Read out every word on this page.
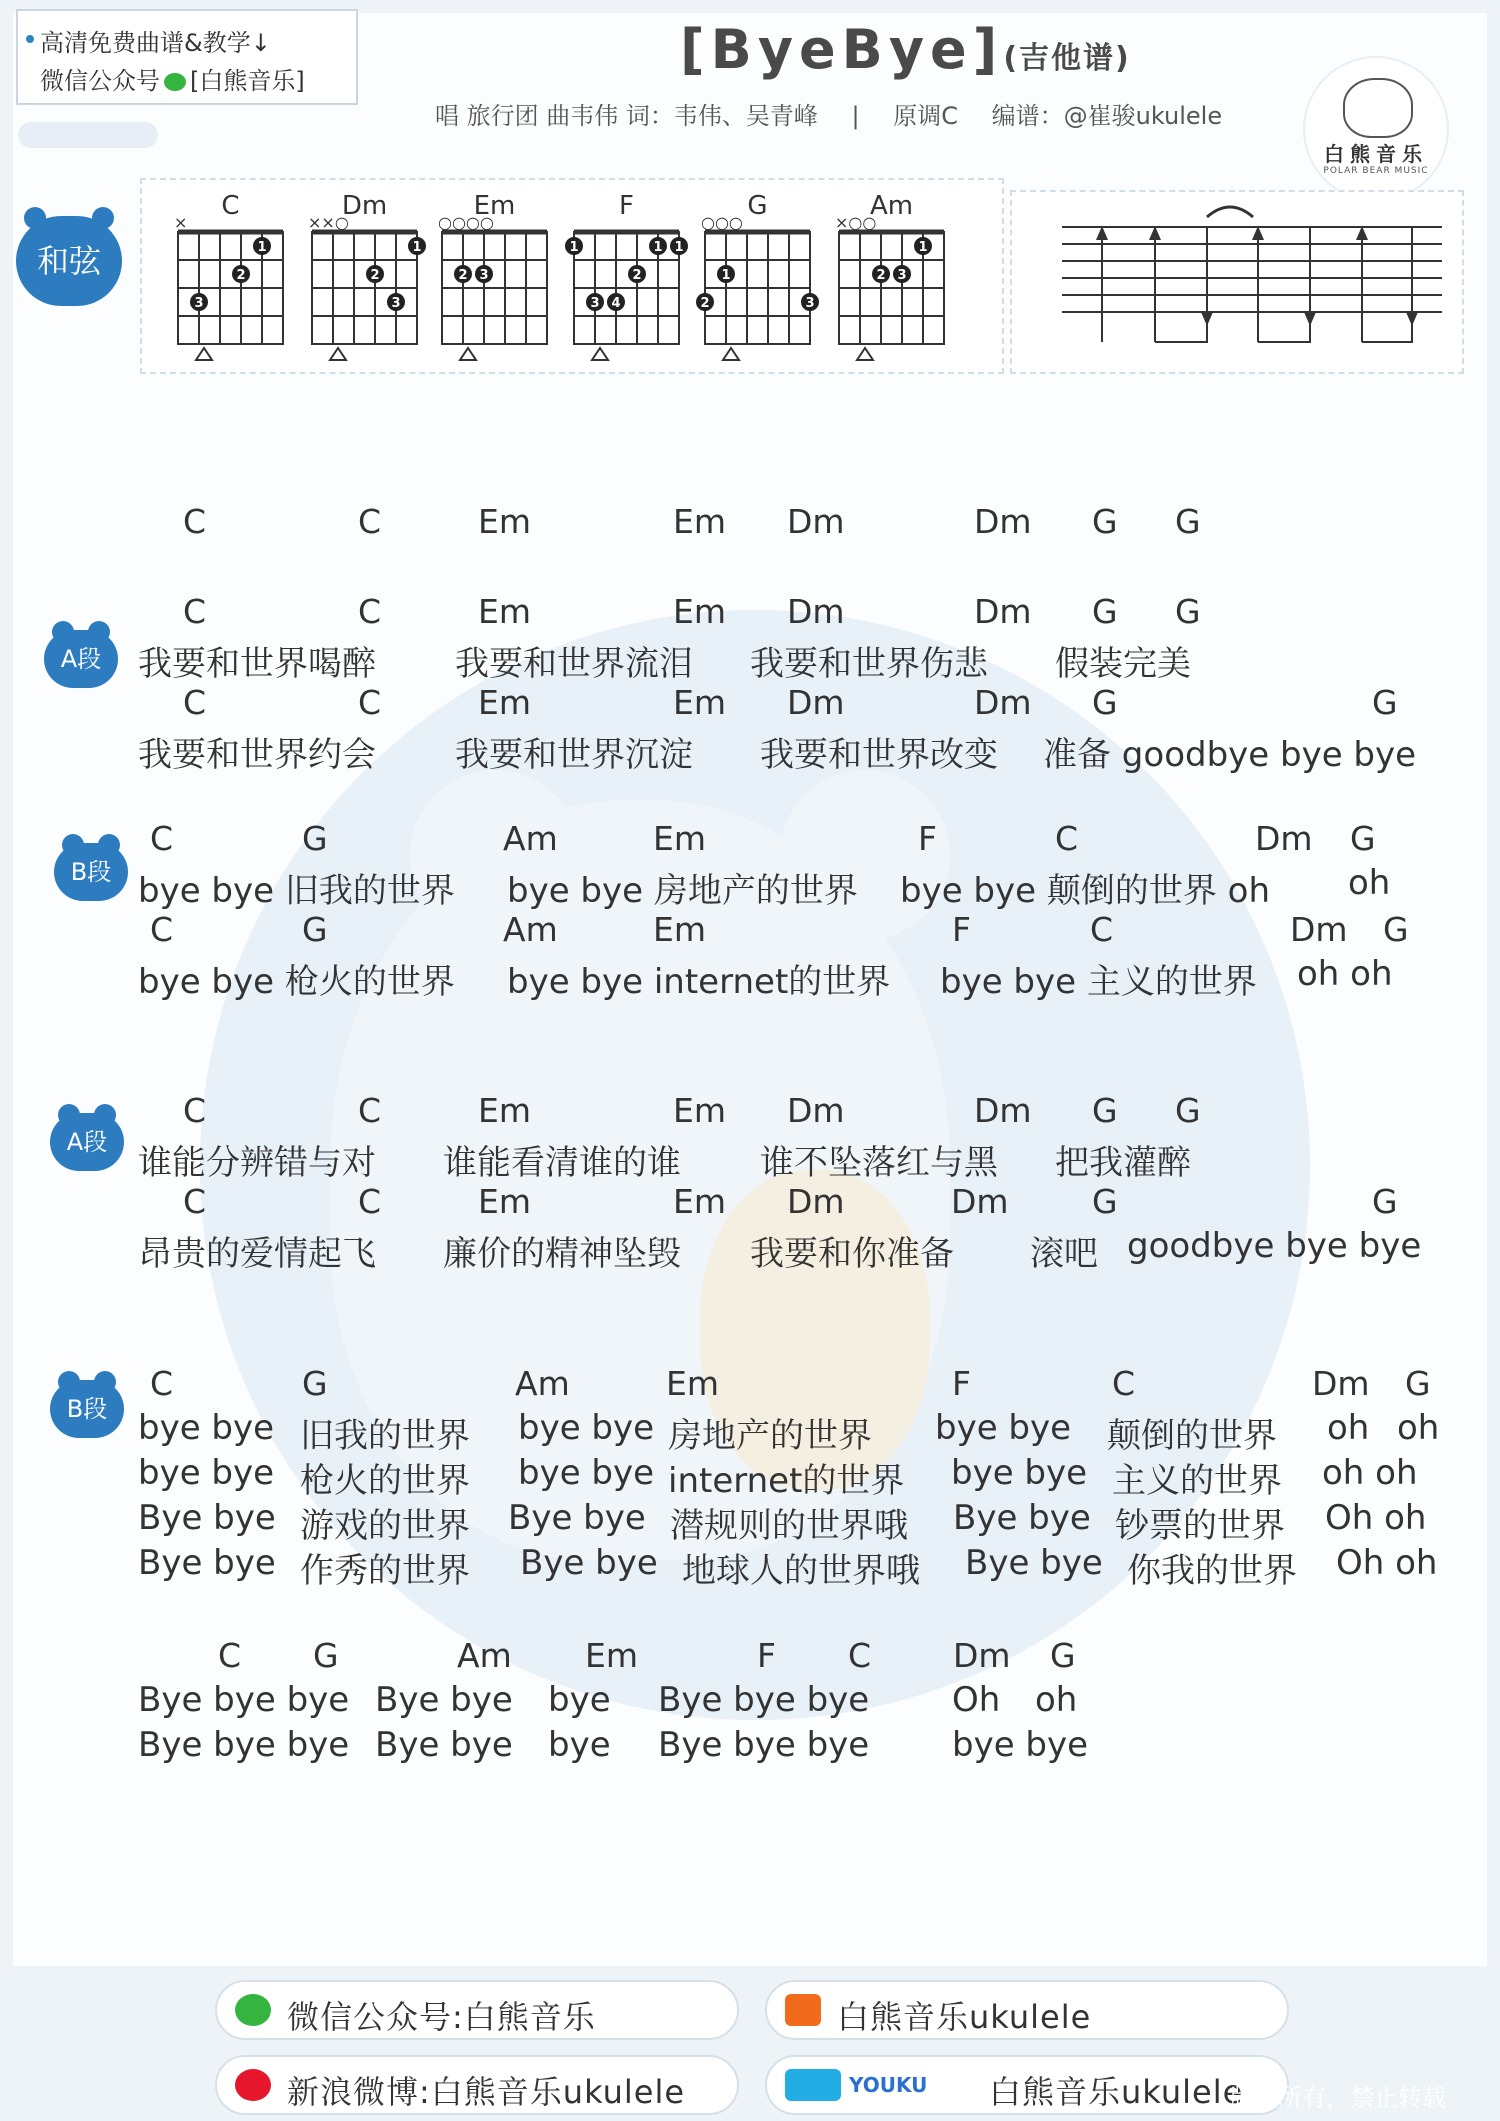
高清免费曲谱&教学↓
微信公众号 [白熊音乐]	[ByeBye](吉他谱)
唱 旅行团 曲韦伟 词：韦伟、吴青峰 | 原调C 编谱：@崔骏ukulele
白熊音乐
POLAR BEAR MUSIC
和弦
C
×
1
2
3
Dm
××○
1
2
3
Em
○○○○
2 3
F
1	1 1
2
3 4
G
○○○
1
2	3
Am
×○○
1
2 3
C	C	Em	Em Dm	Dm G G
A段
C	C	Em	Em Dm	Dm G G
我要和世界喝醉 我要和世界流泪 我要和世界伤悲 假装完美
C	C	Em	Em Dm	Dm G	G
我要和世界约会 我要和世界沉淀 我要和世界改变 准备 goodbye bye bye
B段
C	G	Am	Em	F	C	Dm G
bye bye 旧我的世界 bye bye 房地产的世界 bye bye 颠倒的世界 oh oh
C	G	Am	Em	F	C	Dm G
bye bye 枪火的世界 bye bye internet的世界 bye bye 主义的世界 oh oh
A段
C	C	Em	Em Dm	Dm G G
谁能分辨错与对 谁能看清谁的谁 谁不坠落红与黑 把我灌醉
C	C	Em	Em Dm	Dm	G	G
昂贵的爱情起飞 廉价的精神坠毁 我要和你准备 滚吧 goodbye bye bye
B段
C	G	Am	Em	F	C	Dm G
bye bye 旧我的世界 bye bye 房地产的世界 bye bye 颠倒的世界 oh oh
bye bye 枪火的世界 bye bye internet的世界 bye bye 主义的世界 oh oh
Bye bye 游戏的世界 Bye bye 潜规则的世界哦 Bye bye 钞票的世界 Oh oh
Bye bye 作秀的世界 Bye bye 地球人的世界哦 Bye bye 你我的世界 Oh oh
C G	Am Em	F C Dm G
Bye bye bye Bye bye bye Bye bye bye Oh oh
Bye bye bye Bye bye bye Bye bye bye bye bye
微信公众号:白熊音乐	白熊音乐ukulele
新浪微博:白熊音乐ukulele	YOUKU 白熊音乐ukulele
版权所有，禁止转载
